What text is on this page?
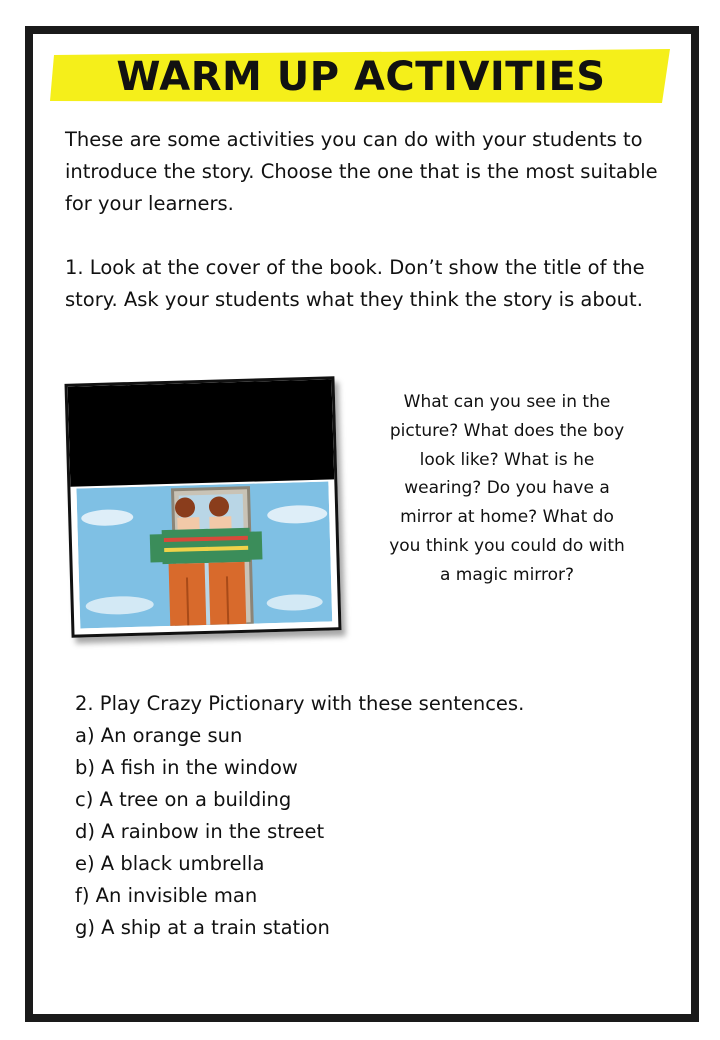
WARM UP ACTIVITIES

These are some activities you can do with your students to introduce the story. Choose the one that is the most suitable for your learners.

1. Look at the cover of the book. Don’t show the title of the story. Ask your students what they think the story is about.

What can you see in the picture? What does the boy look like? What is he wearing? Do you have a mirror at home? What do you think you could do with a magic mirror?

2. Play Crazy Pictionary with these sentences.

a) An orange sun
b) A fish in the window
c) A tree on a building
d) A rainbow in the street
e) A black umbrella
f) An invisible man
g) A ship at a train station
